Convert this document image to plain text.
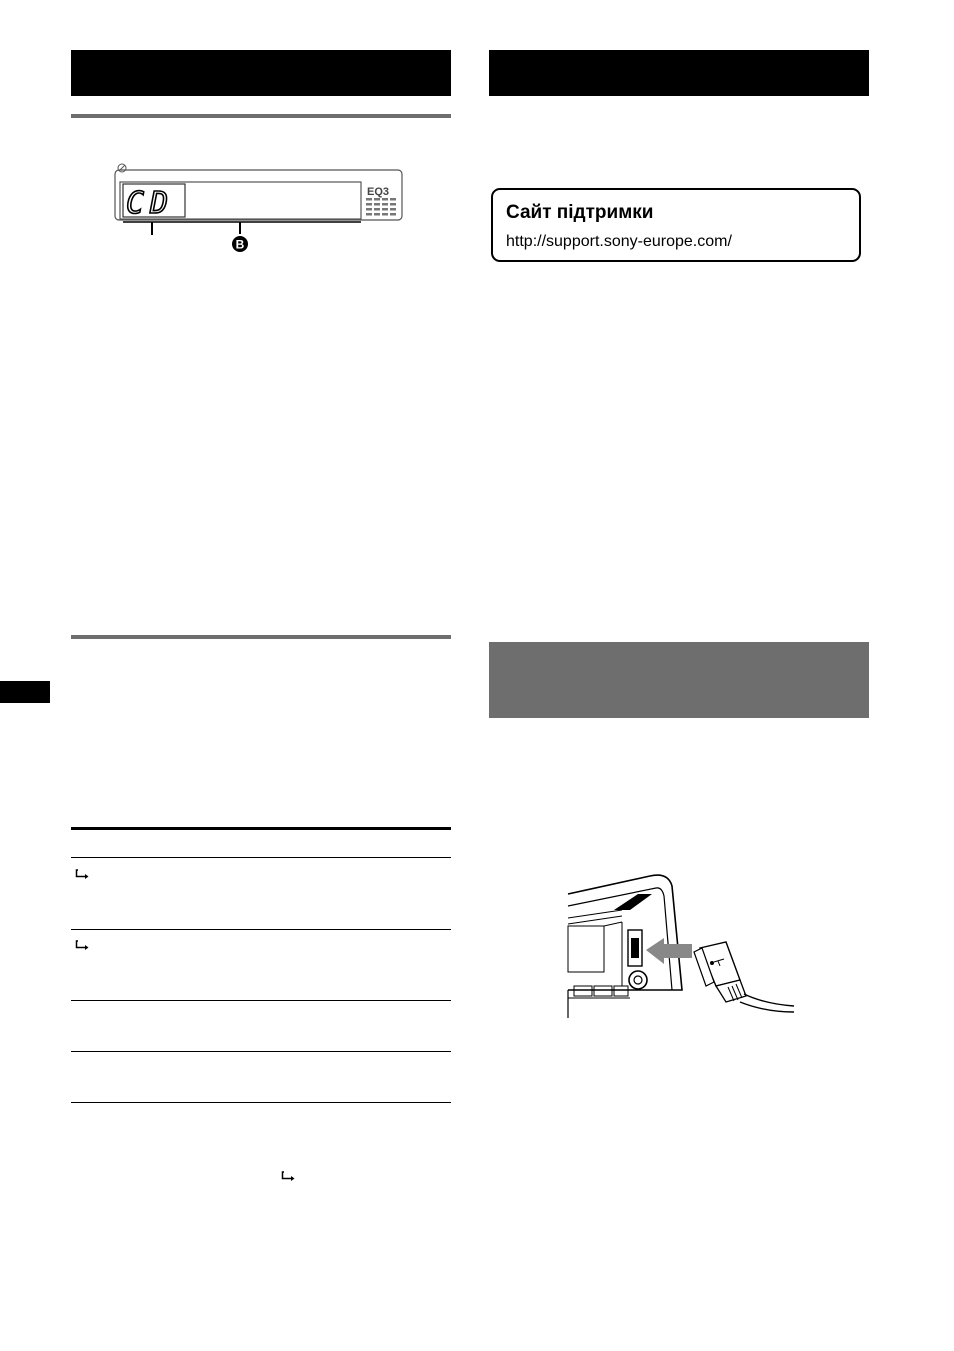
CD	EQ3
B
Сайт підтримки
http://support.sony-europe.com/
